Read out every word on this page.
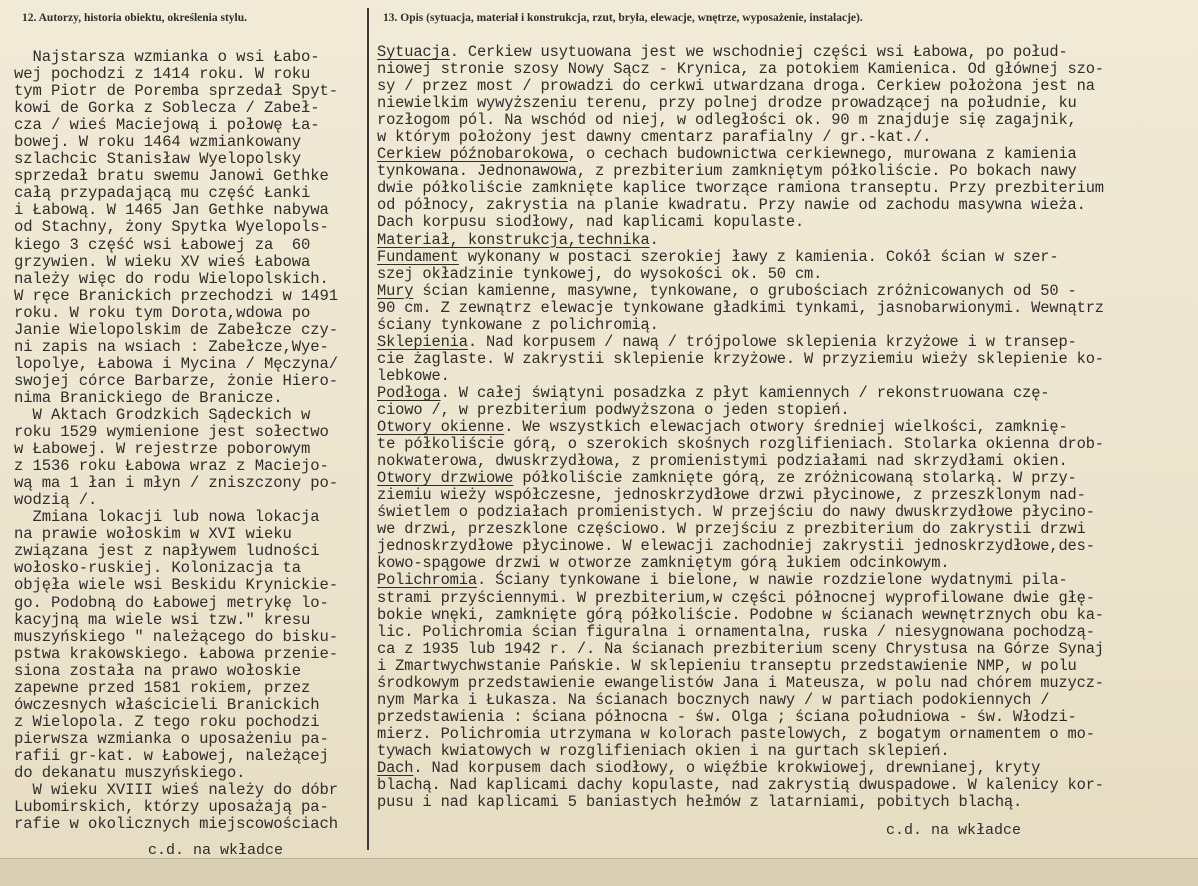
12. Autorzy, historia obiektu, określenia stylu.	13. Opis (sytuacja, materiał i konstrukcja, rzut, bryła, elewacje, wnętrze, wyposażenie, instalacje).
Najstarsza wzmianka o wsi Łabo-
wej pochodzi z 1414 roku. W roku
tym Piotr de Poremba sprzedał Spyt-
kowi de Gorka z Soblecza / Zabeł-
cza / wieś Maciejową i połowę Ła-
bowej. W roku 1464 wzmiankowany
szlachcic Stanisław Wyelopolsky
sprzedał bratu swemu Janowi Gethke
całą przypadającą mu część Łanki
i Łabową. W 1465 Jan Gethke nabywa
od Stachny, żony Spytka Wyelopols-
kiego 3 część wsi Łabowej za  60
grzywien. W wieku XV wieś Łabowa
należy więc do rodu Wielopolskich.
W ręce Branickich przechodzi w 1491
roku. W roku tym Dorota,wdowa po
Janie Wielopolskim de Zabełcze czy-
ni zapis na wsiach : Zabełcze,Wye-
lopolye, Łabowa i Mycina / Męczyna/
swojej córce Barbarze, żonie Hiero-
nima Branickiego de Branicze.
W Aktach Grodzkich Sądeckich w
roku 1529 wymienione jest sołectwo
w Łabowej. W rejestrze poborowym
z 1536 roku Łabowa wraz z Maciejo-
wą ma 1 łan i młyn / zniszczony po-
wodzią /.
Zmiana lokacji lub nowa lokacja
na prawie wołoskim w XVI wieku
związana jest z napływem ludności
wołosko-ruskiej. Kolonizacja ta
objęła wiele wsi Beskidu Krynickie-
go. Podobną do Łabowej metrykę lo-
kacyjną ma wiele wsi tzw." kresu
muszyńskiego " należącego do bisku-
pstwa krakowskiego. Łabowa przenie-
siona została na prawo wołoskie
zapewne przed 1581 rokiem, przez
ówczesnych właścicieli Branickich
z Wielopola. Z tego roku pochodzi
pierwsza wzmianka o uposażeniu pa-
rafii gr-kat. w Łabowej, należącej
do dekanatu muszyńskiego.
W wieku XVIII wieś należy do dóbr
Lubomirskich, którzy uposażają pa-
rafie w okolicznych miejscowościach
Sytuacja. Cerkiew usytuowana jest we wschodniej części wsi Łabowa, po połud-
niowej stronie szosy Nowy Sącz - Krynica, za potokiem Kamienica. Od głównej szo-
sy / przez most / prowadzi do cerkwi utwardzana droga. Cerkiew położona jest na
niewielkim wywyższeniu terenu, przy polnej drodze prowadzącej na południe, ku
rozłogom pól. Na wschód od niej, w odległości ok. 90 m znajduje się zagajnik,
w którym położony jest dawny cmentarz parafialny / gr.-kat./.
Cerkiew późnobarokowa, o cechach budownictwa cerkiewnego, murowana z kamienia
tynkowana. Jednonawowa, z prezbiterium zamkniętym półkoliście. Po bokach nawy
dwie półkoliście zamknięte kaplice tworzące ramiona transeptu. Przy prezbiterium
od północy, zakrystia na planie kwadratu. Przy nawie od zachodu masywna wieża.
Dach korpusu siodłowy, nad kaplicami kopulaste.
Materiał, konstrukcja,technika.
Fundament wykonany w postaci szerokiej ławy z kamienia. Cokół ścian w szer-
szej okładzinie tynkowej, do wysokości ok. 50 cm.
Mury ścian kamienne, masywne, tynkowane, o grubościach zróżnicowanych od 50 -
90 cm. Z zewnątrz elewacje tynkowane gładkimi tynkami, jasnobarwionymi. Wewnątrz
ściany tynkowane z polichromią.
Sklepienia. Nad korpusem / nawą / trójpolowe sklepienia krzyżowe i w transep-
cie żaglaste. W zakrystii sklepienie krzyżowe. W przyziemiu wieży sklepienie ko-
lebkowe.
Podłoga. W całej świątyni posadzka z płyt kamiennych / rekonstruowana czę-
ciowo /, w prezbiterium podwyższona o jeden stopień.
Otwory okienne. We wszystkich elewacjach otwory średniej wielkości, zamknię-
te półkoliście górą, o szerokich skośnych rozglifieniach. Stolarka okienna drob-
nokwaterowa, dwuskrzydłowa, z promienistymi podziałami nad skrzydłami okien.
Otwory drzwiowe półkoliście zamknięte górą, ze zróżnicowaną stolarką. W przy-
ziemiu wieży współczesne, jednoskrzydłowe drzwi płycinowe, z przeszklonym nad-
świetlem o podziałach promienistych. W przejściu do nawy dwuskrzydłowe płycino-
we drzwi, przeszklone częściowo. W przejściu z prezbiterium do zakrystii drzwi
jednoskrzydłowe płycinowe. W elewacji zachodniej zakrystii jednoskrzydłowe,des-
kowo-spągowe drzwi w otworze zamkniętym górą łukiem odcinkowym.
Polichromia. Ściany tynkowane i bielone, w nawie rozdzielone wydatnymi pila-
strami przyściennymi. W prezbiterium,w części północnej wyprofilowane dwie głę-
bokie wnęki, zamknięte górą półkoliście. Podobne w ścianach wewnętrznych obu ka-
lic. Polichromia ścian figuralna i ornamentalna, ruska / niesygnowana pochodzą-
ca z 1935 lub 1942 r. /. Na ścianach prezbiterium sceny Chrystusa na Górze Synaj
i Zmartwychwstanie Pańskie. W sklepieniu transeptu przedstawienie NMP, w polu
środkowym przedstawienie ewangelistów Jana i Mateusza, w polu nad chórem muzycz-
nym Marka i Łukasza. Na ścianach bocznych nawy / w partiach podokiennych /
przedstawienia : ściana północna - św. Olga ; ściana południowa - św. Włodzi-
mierz. Polichromia utrzymana w kolorach pastelowych, z bogatym ornamentem o mo-
tywach kwiatowych w rozglifieniach okien i na gurtach sklepień.
Dach. Nad korpusem dach siodłowy, o więźbie krokwiowej, drewnianej, kryty
blachą. Nad kaplicami dachy kopulaste, nad zakrystią dwuspadowe. W kalenicy kor-
pusu i nad kaplicami 5 baniastych hełmów z latarniami, pobitych blachą.
c.d. na wkładce
c.d. na wkładce
